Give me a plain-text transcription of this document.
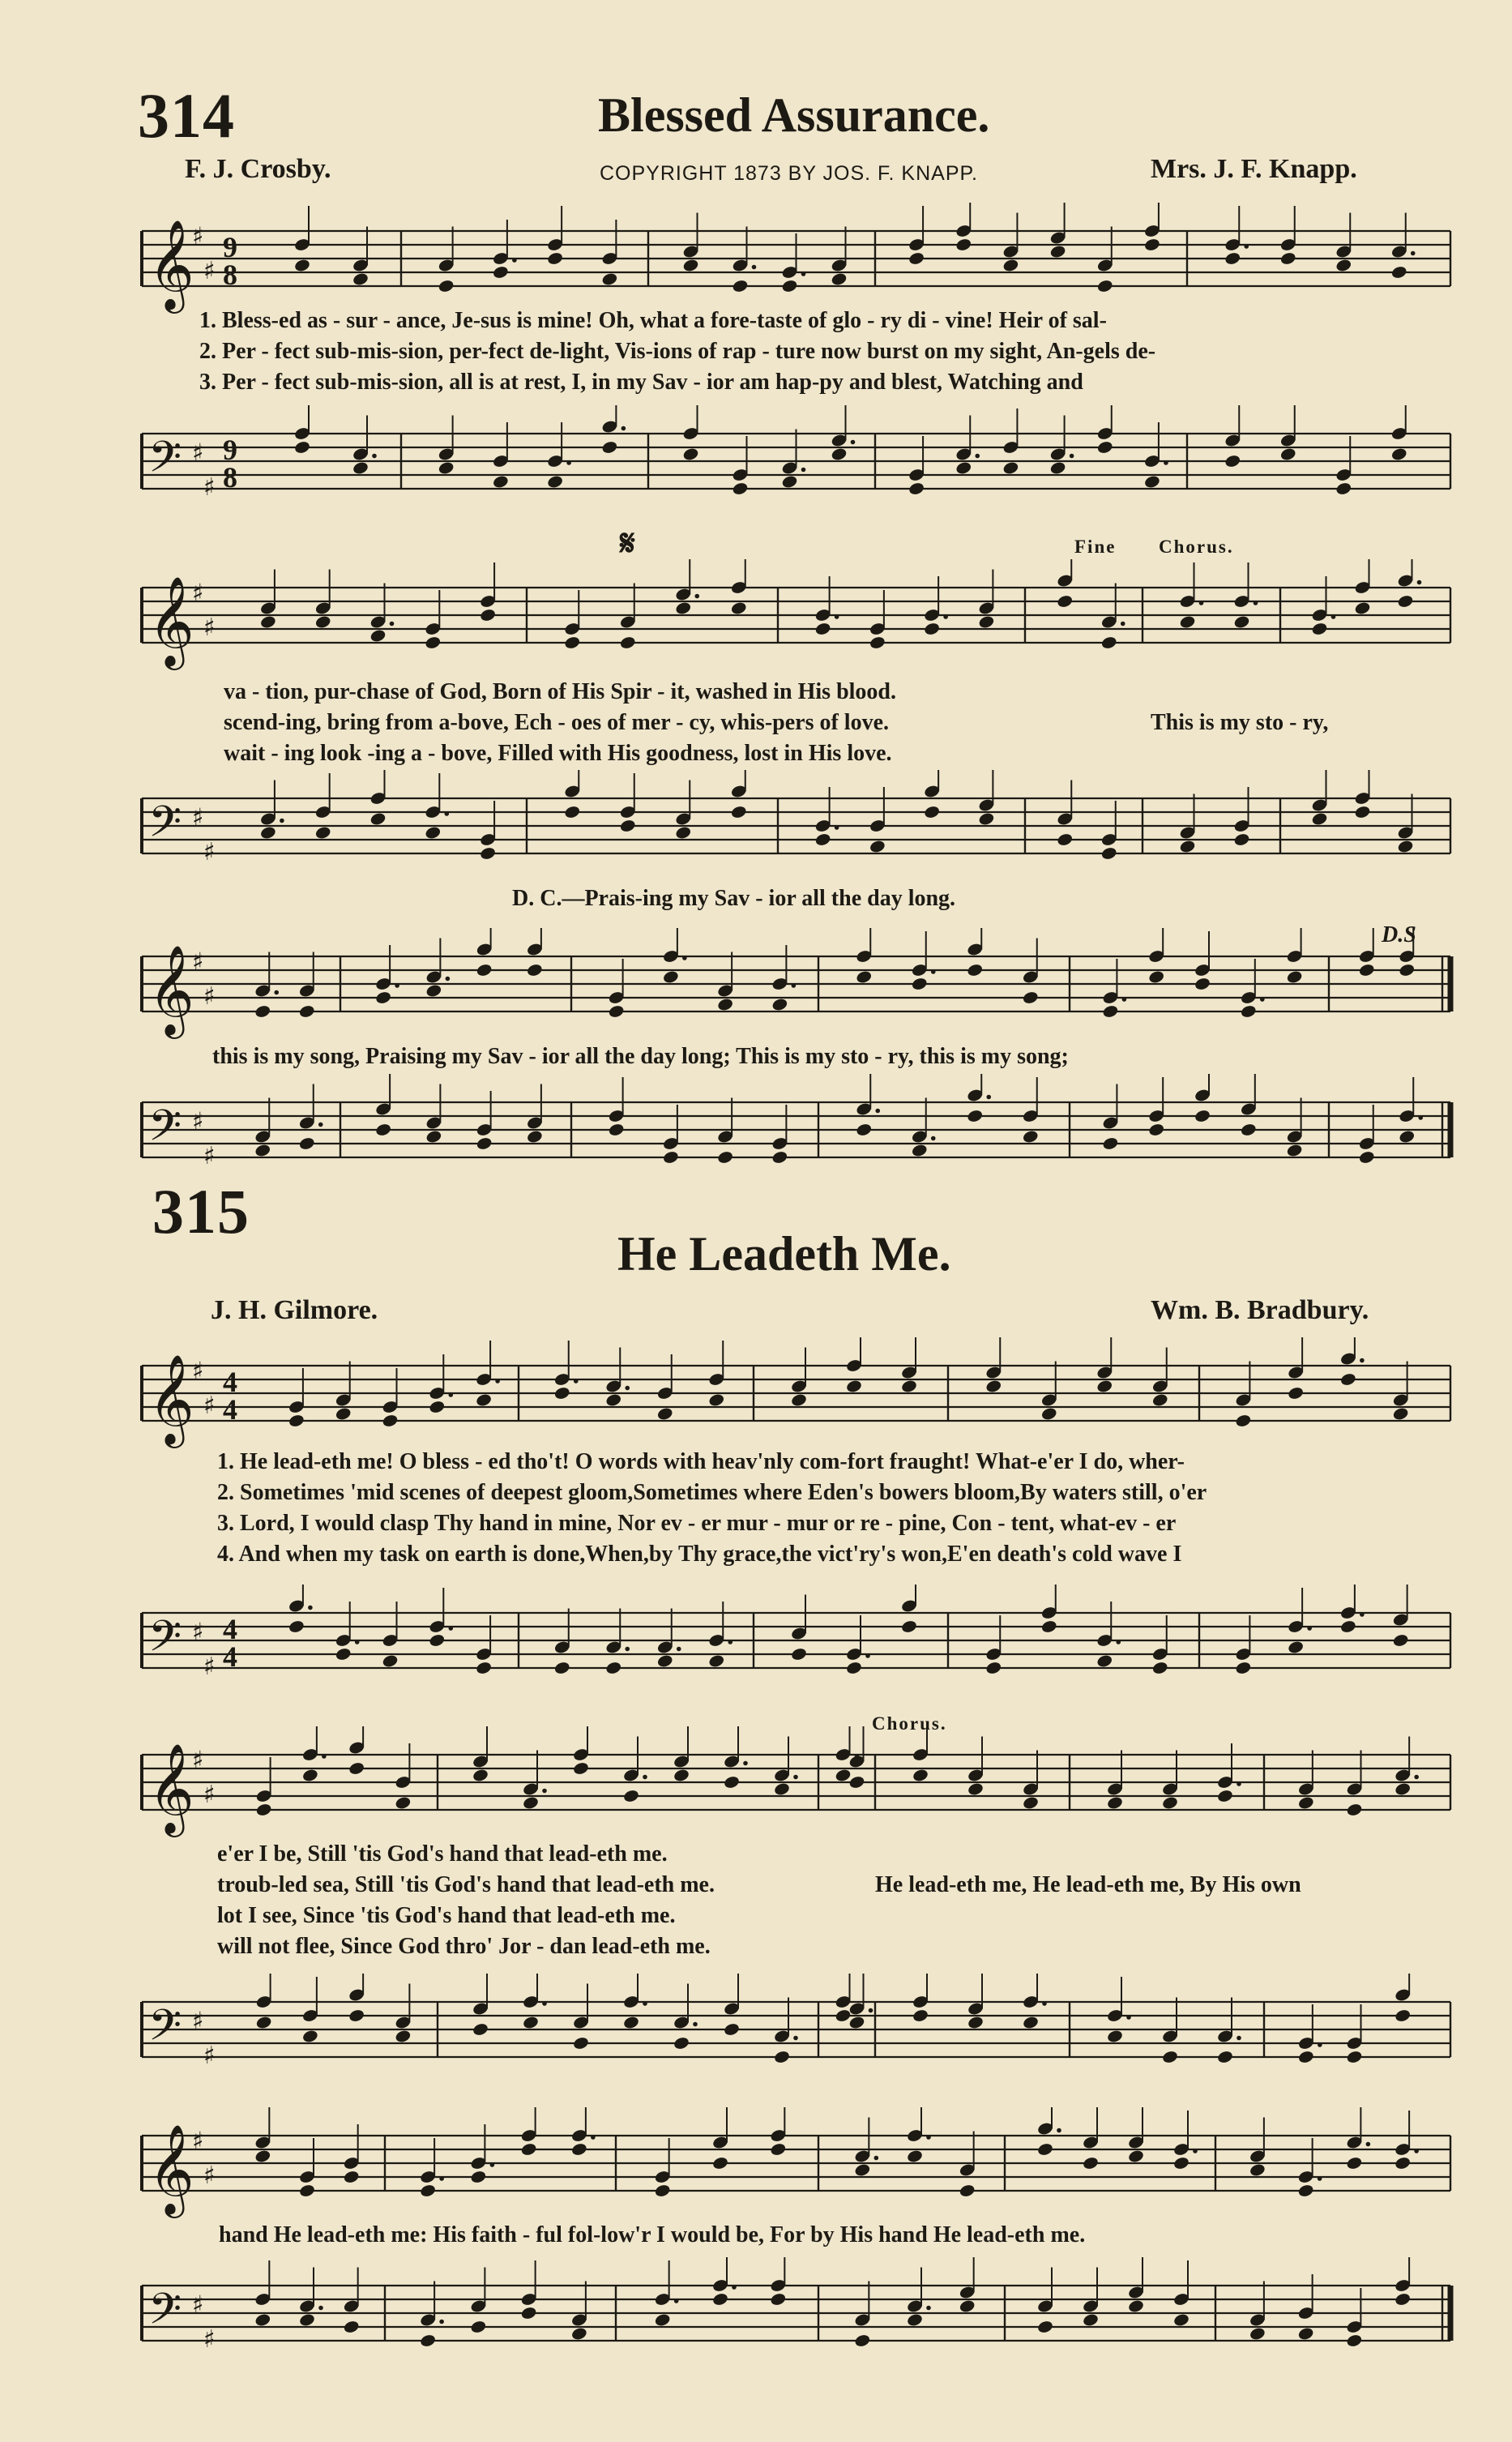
314	Blessed Assurance.
F. J. Crosby.	COPYRIGHT 1873 BY JOS. F. KNAPP.	Mrs. J. F. Knapp.
𝄞
♯
♯
9
8
1. Bless-ed as - sur - ance, Je-sus is mine! Oh, what a fore-taste of glo - ry di - vine! Heir of sal-
2. Per - fect sub-mis-sion, per-fect de-light, Vis-ions of rap - ture now burst on my sight, An-gels de-
3. Per - fect sub-mis-sion, all is at rest, I, in my Sav - ior am hap-py and blest, Watching and
𝄢 ♯
♯
9
8
𝄋	Fine Chorus.
𝄞
♯
♯
va - tion, pur-chase of God, Born of His Spir - it, washed in His blood.
scend-ing, bring from a-bove, Ech - oes of mer - cy, whis-pers of love.
wait - ing look -ing a - bove, Filled with His goodness, lost in His love.
This is my sto - ry,
𝄢 ♯
♯
D. C.—Prais-ing my Sav - ior all the day long.
D.S
𝄞
♯
♯
this is my song, Praising my Sav - ior all the day long; This is my sto - ry, this is my song;
𝄢 ♯
♯
315
He Leadeth Me.
J. H. Gilmore.	Wm. B. Bradbury.
𝄞
♯
♯
4
4
1. He lead-eth me! O bless - ed tho't! O words with heav'nly com-fort fraught! What-e'er I do, wher-
2. Sometimes 'mid scenes of deepest gloom,Sometimes where Eden's bowers bloom,By waters still, o'er
3. Lord, I would clasp Thy hand in mine, Nor ev - er mur - mur or re - pine, Con - tent, what-ev - er
4. And when my task on earth is done,When,by Thy grace,the vict'ry's won,E'en death's cold wave I
𝄢 ♯
♯
4
4
Chorus.
𝄞
♯
♯
e'er I be, Still 'tis God's hand that lead-eth me.
troub-led sea, Still 'tis God's hand that lead-eth me.
lot I see, Since 'tis God's hand that lead-eth me.
will not flee, Since God thro' Jor - dan lead-eth me.
He lead-eth me, He lead-eth me, By His own
𝄢 ♯
♯
𝄞
♯
♯
hand He lead-eth me: His faith - ful fol-low'r I would be, For by His hand He lead-eth me.
𝄢 ♯
♯
